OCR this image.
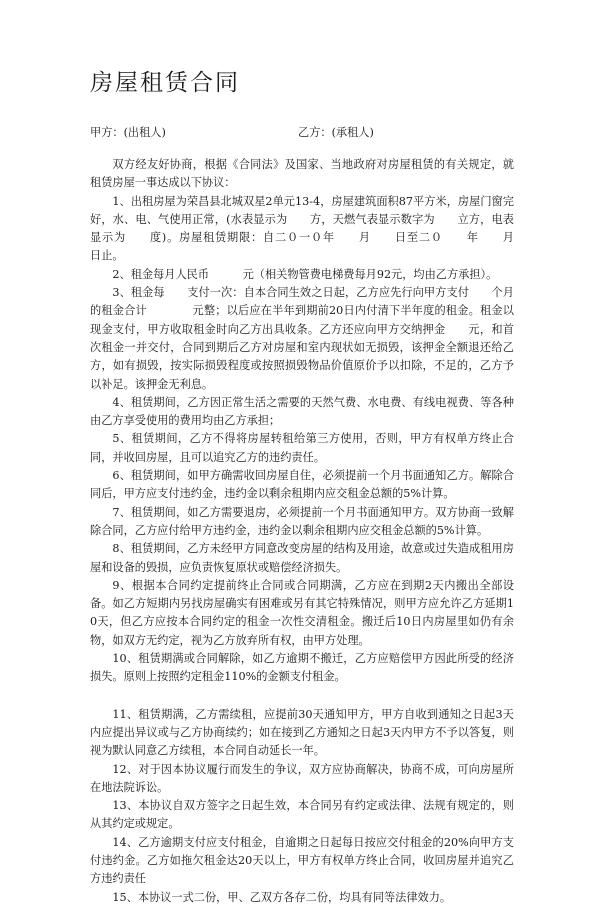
房屋租赁合同
甲方：(出租人)	乙方：(承租人)

双方经友好协商，根据《合同法》及国家、当地政府对房屋租赁的有关规定，就租赁房屋一事达成以下协议：

1、出租房屋为荣昌县北城双星2单元13-4，房屋建筑面积87平方米，房屋门窗完好，水、电、气使用正常，(水表显示为　　方，天燃气表显示数字为　　立方，电表显示为　　度)。房屋租赁期限：自二０一０年　　月　　日至二０　　年　　月　　日止。

2、租金每月人民币　　　元（相关物管费电梯费每月92元，均由乙方承担）。

3、租金每　　支付一次：自本合同生效之日起，乙方应先行向甲方支付　　个月的租金合计　　　　元整；以后应在半年到期前20日内付清下半年度的租金。租金以现金支付，甲方收取租金时向乙方出具收条。乙方还应向甲方交纳押金　　元，和首次租金一并交付，合同到期后乙方对房屋和室内现状如无损毁，该押金全额退还给乙方，如有损毁，按实际损毁程度或按照损毁物品价值原价予以扣除，不足的，乙方予以补足。该押金无利息。

4、租赁期间，乙方因正常生活之需要的天然气费、水电费、有线电视费、等各种由乙方享受使用的费用均由乙方承担；

5、租赁期间，乙方不得将房屋转租给第三方使用，否则，甲方有权单方终止合同，并收回房屋，且可以追究乙方的违约责任。

6、租赁期间，如甲方确需收回房屋自住，必须提前一个月书面通知乙方。解除合同后，甲方应支付违约金，违约金以剩余租期内应交租金总额的5%计算。

7、租赁期间，如乙方需要退房，必须提前一个月书面通知甲方。双方协商一致解除合同，乙方应付给甲方违约金，违约金以剩余租期内应交租金总额的5%计算。

8、租赁期间，乙方未经甲方同意改变房屋的结构及用途，故意或过失造成租用房屋和设备的毁损，应负责恢复原状或赔偿经济损失。

9、根据本合同约定提前终止合同或合同期满，乙方应在到期2天内搬出全部设备。如乙方短期内另找房屋确实有困难或另有其它特殊情况，则甲方应允许乙方延期10天，但乙方应按本合同约定的租金一次性交清租金。搬迁后10日内房屋里如仍有余物，如双方无约定，视为乙方放弃所有权，由甲方处理。

10、租赁期满或合同解除，如乙方逾期不搬迁，乙方应赔偿甲方因此所受的经济损失。原则上按照约定租金110%的金额支付租金。

11、租赁期满，乙方需续租，应提前30天通知甲方，甲方自收到通知之日起3天内应提出异议或与乙方协商续约；如在接到乙方通知之日起3天内甲方不予以答复，则视为默认同意乙方续租，本合同自动延长一年。

12、对于因本协议履行而发生的争议，双方应协商解决，协商不成，可向房屋所在地法院诉讼。

13、本协议自双方签字之日起生效，本合同另有约定或法律、法规有规定的，则从其约定或规定。

14、乙方逾期支付应支付租金，自逾期之日起每日按应交付租金的20%向甲方支付违约金。乙方如拖欠租金达20天以上，甲方有权单方终止合同，收回房屋并追究乙方违约责任

15、本协议一式二份，甲、乙双方各存二份，均具有同等法律效力。
